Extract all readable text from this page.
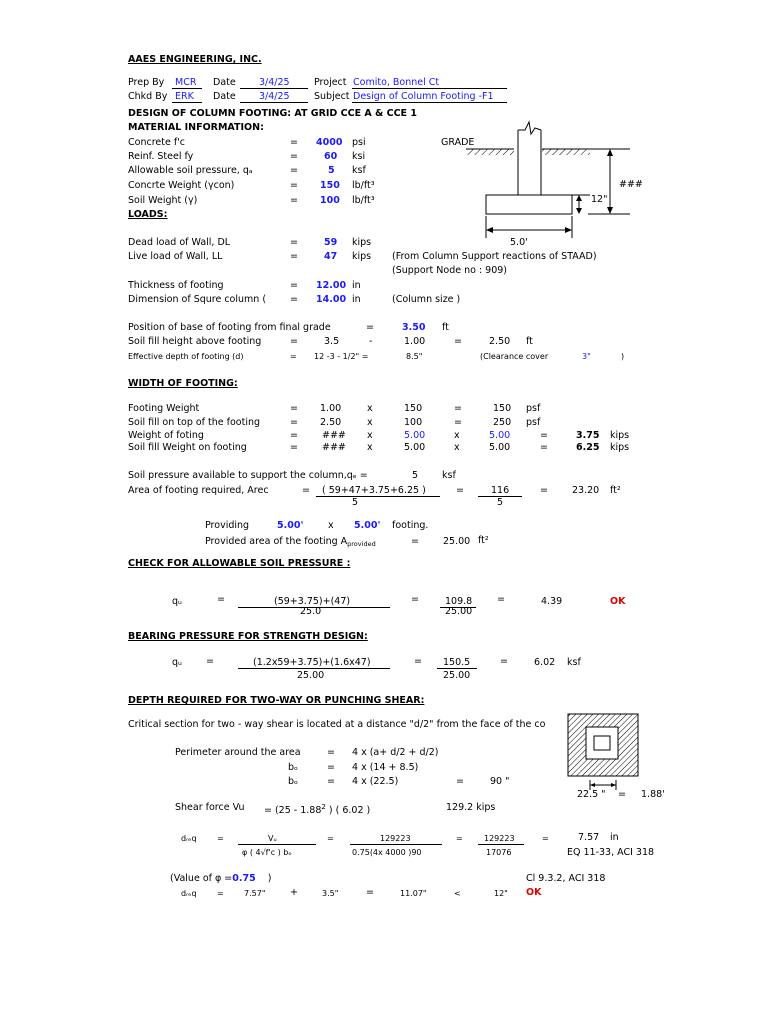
AAES ENGINEERING, INC.
Prep By MCR Date 3/4/25	Project Comito, Bonnel Ct
Chkd By ERK Date 3/4/25	Subject Design of Column Footing -F1
DESIGN OF COLUMN FOOTING: AT GRID CCE A & CCE 1
MATERIAL INFORMATION:
Concrete f'c	= 4000 psi
Reinf. Steel fy	=	60 ksi
Allowable soil pressure, qₐ	=	5 ksf
Concrte Weight (γcon)	= 150 lb/ft³
Soil Weight (γ)	= 100 lb/ft³
LOADS:
GRADE
###
12"
5.0'
Dead load of Wall, DL	=	59 kips
Live load of Wall, LL	=	47 kips (From Column Support reactions of STAAD)
(Support Node no : 909)
Thickness of footing	= 12.00 in
Dimension of Squre column (	= 14.00 in	(Column size )
Position of base of footing from final grade	=	3.50 ft
Soil fill height above footing	=	3.5	-	1.00	=	2.50 ft
Effective depth of footing (d)	= 12 -3 - 1/2" =	8.5"	(Clearance cover	3"	)
WIDTH OF FOOTING:
Footing Weight	= 1.00	x	150	=	150 psf
Soil fill on top of the footing	= 2.50	x	100	=	250 psf
Weight of foting	=	### x	5.00	x	5.00	=	3.75 kips
Soil fill Weight on footing	=	### x	5.00	x	5.00	=	6.25 kips
Soil pressure available to support the column,qₑ =	5	ksf
Area of footing required, Arec	= ( 59+47+3.75+6.25 )
5
=	116
5
=	23.20 ft²
Providing	5.00'	x 5.00' footing.
Provided area of the footing $A_{provided}$	=	25.00 ft²
CHECK FOR ALLOWABLE SOIL PRESSURE :
qᵤ	=	(59+3.75)+(47)
25.0
=	109.8
25.00
=	4.39	OK
BEARING PRESSURE FOR STRENGTH DESIGN:
qᵤ	=	(1.2x59+3.75)+(1.6x47)
25.00
= 150.5
25.00
=	6.02 ksf
DEPTH REQUIRED FOR TWO-WAY OR PUNCHING SHEAR:
Critical section for two - way shear is located at a distance "d/2" from the face of the co
Perimeter around the area	= 4 x (a+ d/2 + d/2)
bₒ	= 4 x (14 + 8.5)
bₒ	= 4 x (22.5)	=	90 "
22.5 " = 1.88'
Shear force Vu = (25 - 1.88$^2$ ) ( 6.02 )	129.2 kips
dᵣₑq	=	Vᵤ
φ ( 4√f'c ) bₒ
=	129223
0.75(4x 4000 )90
=	129223
17076
=	7.57 in
EQ 11-33, ACI 318
(Value of φ =0.75 )	Cl 9.3.2, ACI 318
dᵣₑq	=	7.57"	+	3.5"	=	11.07"	<	12" OK
